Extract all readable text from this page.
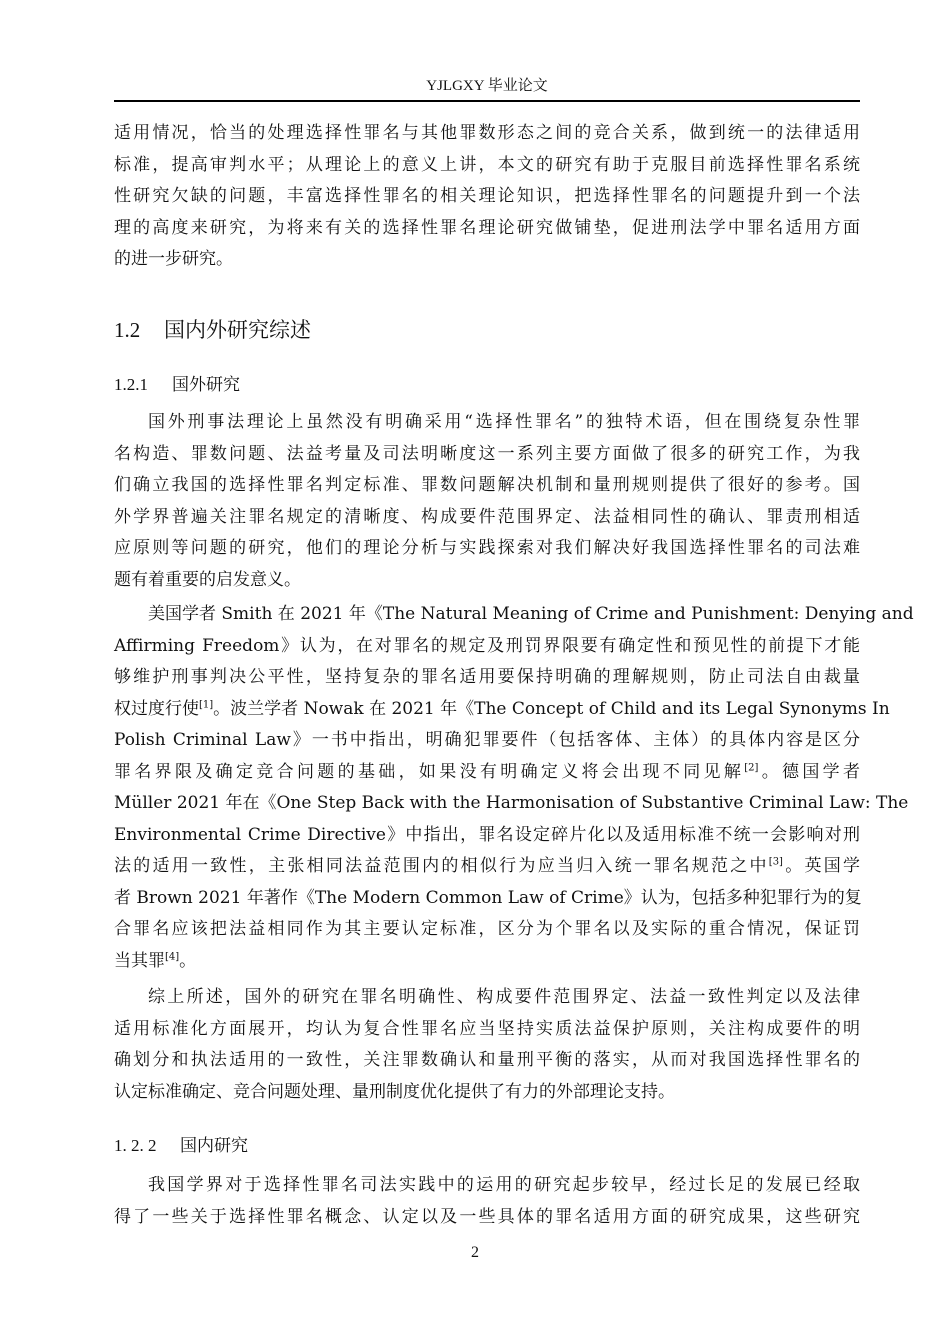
YJLGXY 毕业论文
适用情况，恰当的处理选择性罪名与其他罪数形态之间的竞合关系，做到统一的法律适用
标准，提高审判水平；从理论上的意义上讲，本文的研究有助于克服目前选择性罪名系统
性研究欠缺的问题，丰富选择性罪名的相关理论知识，把选择性罪名的问题提升到一个法
理的高度来研究，为将来有关的选择性罪名理论研究做铺垫，促进刑法学中罪名适用方面
的进一步研究。
1.2 国内外研究综述
1.2.1 国外研究
国外刑事法理论上虽然没有明确采用“选择性罪名”的独特术语，但在围绕复杂性罪
名构造、罪数问题、法益考量及司法明晰度这一系列主要方面做了很多的研究工作，为我
们确立我国的选择性罪名判定标准、罪数问题解决机制和量刑规则提供了很好的参考。国
外学界普遍关注罪名规定的清晰度、构成要件范围界定、法益相同性的确认、罪责刑相适
应原则等问题的研究，他们的理论分析与实践探索对我们解决好我国选择性罪名的司法难
题有着重要的启发意义。
美国学者 Smith 在 2021 年《The Natural Meaning of Crime and Punishment: Denying and
Affirming Freedom》认为，在对罪名的规定及刑罚界限要有确定性和预见性的前提下才能
够维护刑事判决公平性，坚持复杂的罪名适用要保持明确的理解规则，防止司法自由裁量
权过度行使[1]。波兰学者 Nowak 在 2021 年《The Concept of Child and its Legal Synonyms In
Polish Criminal Law》一书中指出，明确犯罪要件（包括客体、主体）的具体内容是区分
罪名界限及确定竞合问题的基础，如果没有明确定义将会出现不同见解[2]。德国学者
Müller 2021 年在《One Step Back with the Harmonisation of Substantive Criminal Law: The
Environmental Crime Directive》中指出，罪名设定碎片化以及适用标准不统一会影响对刑
法的适用一致性，主张相同法益范围内的相似行为应当归入统一罪名规范之中[3]。英国学
者 Brown 2021 年著作《The Modern Common Law of Crime》认为，包括多种犯罪行为的复
合罪名应该把法益相同作为其主要认定标准，区分为个罪名以及实际的重合情况，保证罚
当其罪[4]。
综上所述，国外的研究在罪名明确性、构成要件范围界定、法益一致性判定以及法律
适用标准化方面展开，均认为复合性罪名应当坚持实质法益保护原则，关注构成要件的明
确划分和执法适用的一致性，关注罪数确认和量刑平衡的落实，从而对我国选择性罪名的
认定标准确定、竞合问题处理、量刑制度优化提供了有力的外部理论支持。
1. 2. 2 国内研究
我国学界对于选择性罪名司法实践中的运用的研究起步较早，经过长足的发展已经取
得了一些关于选择性罪名概念、认定以及一些具体的罪名适用方面的研究成果，这些研究
2
